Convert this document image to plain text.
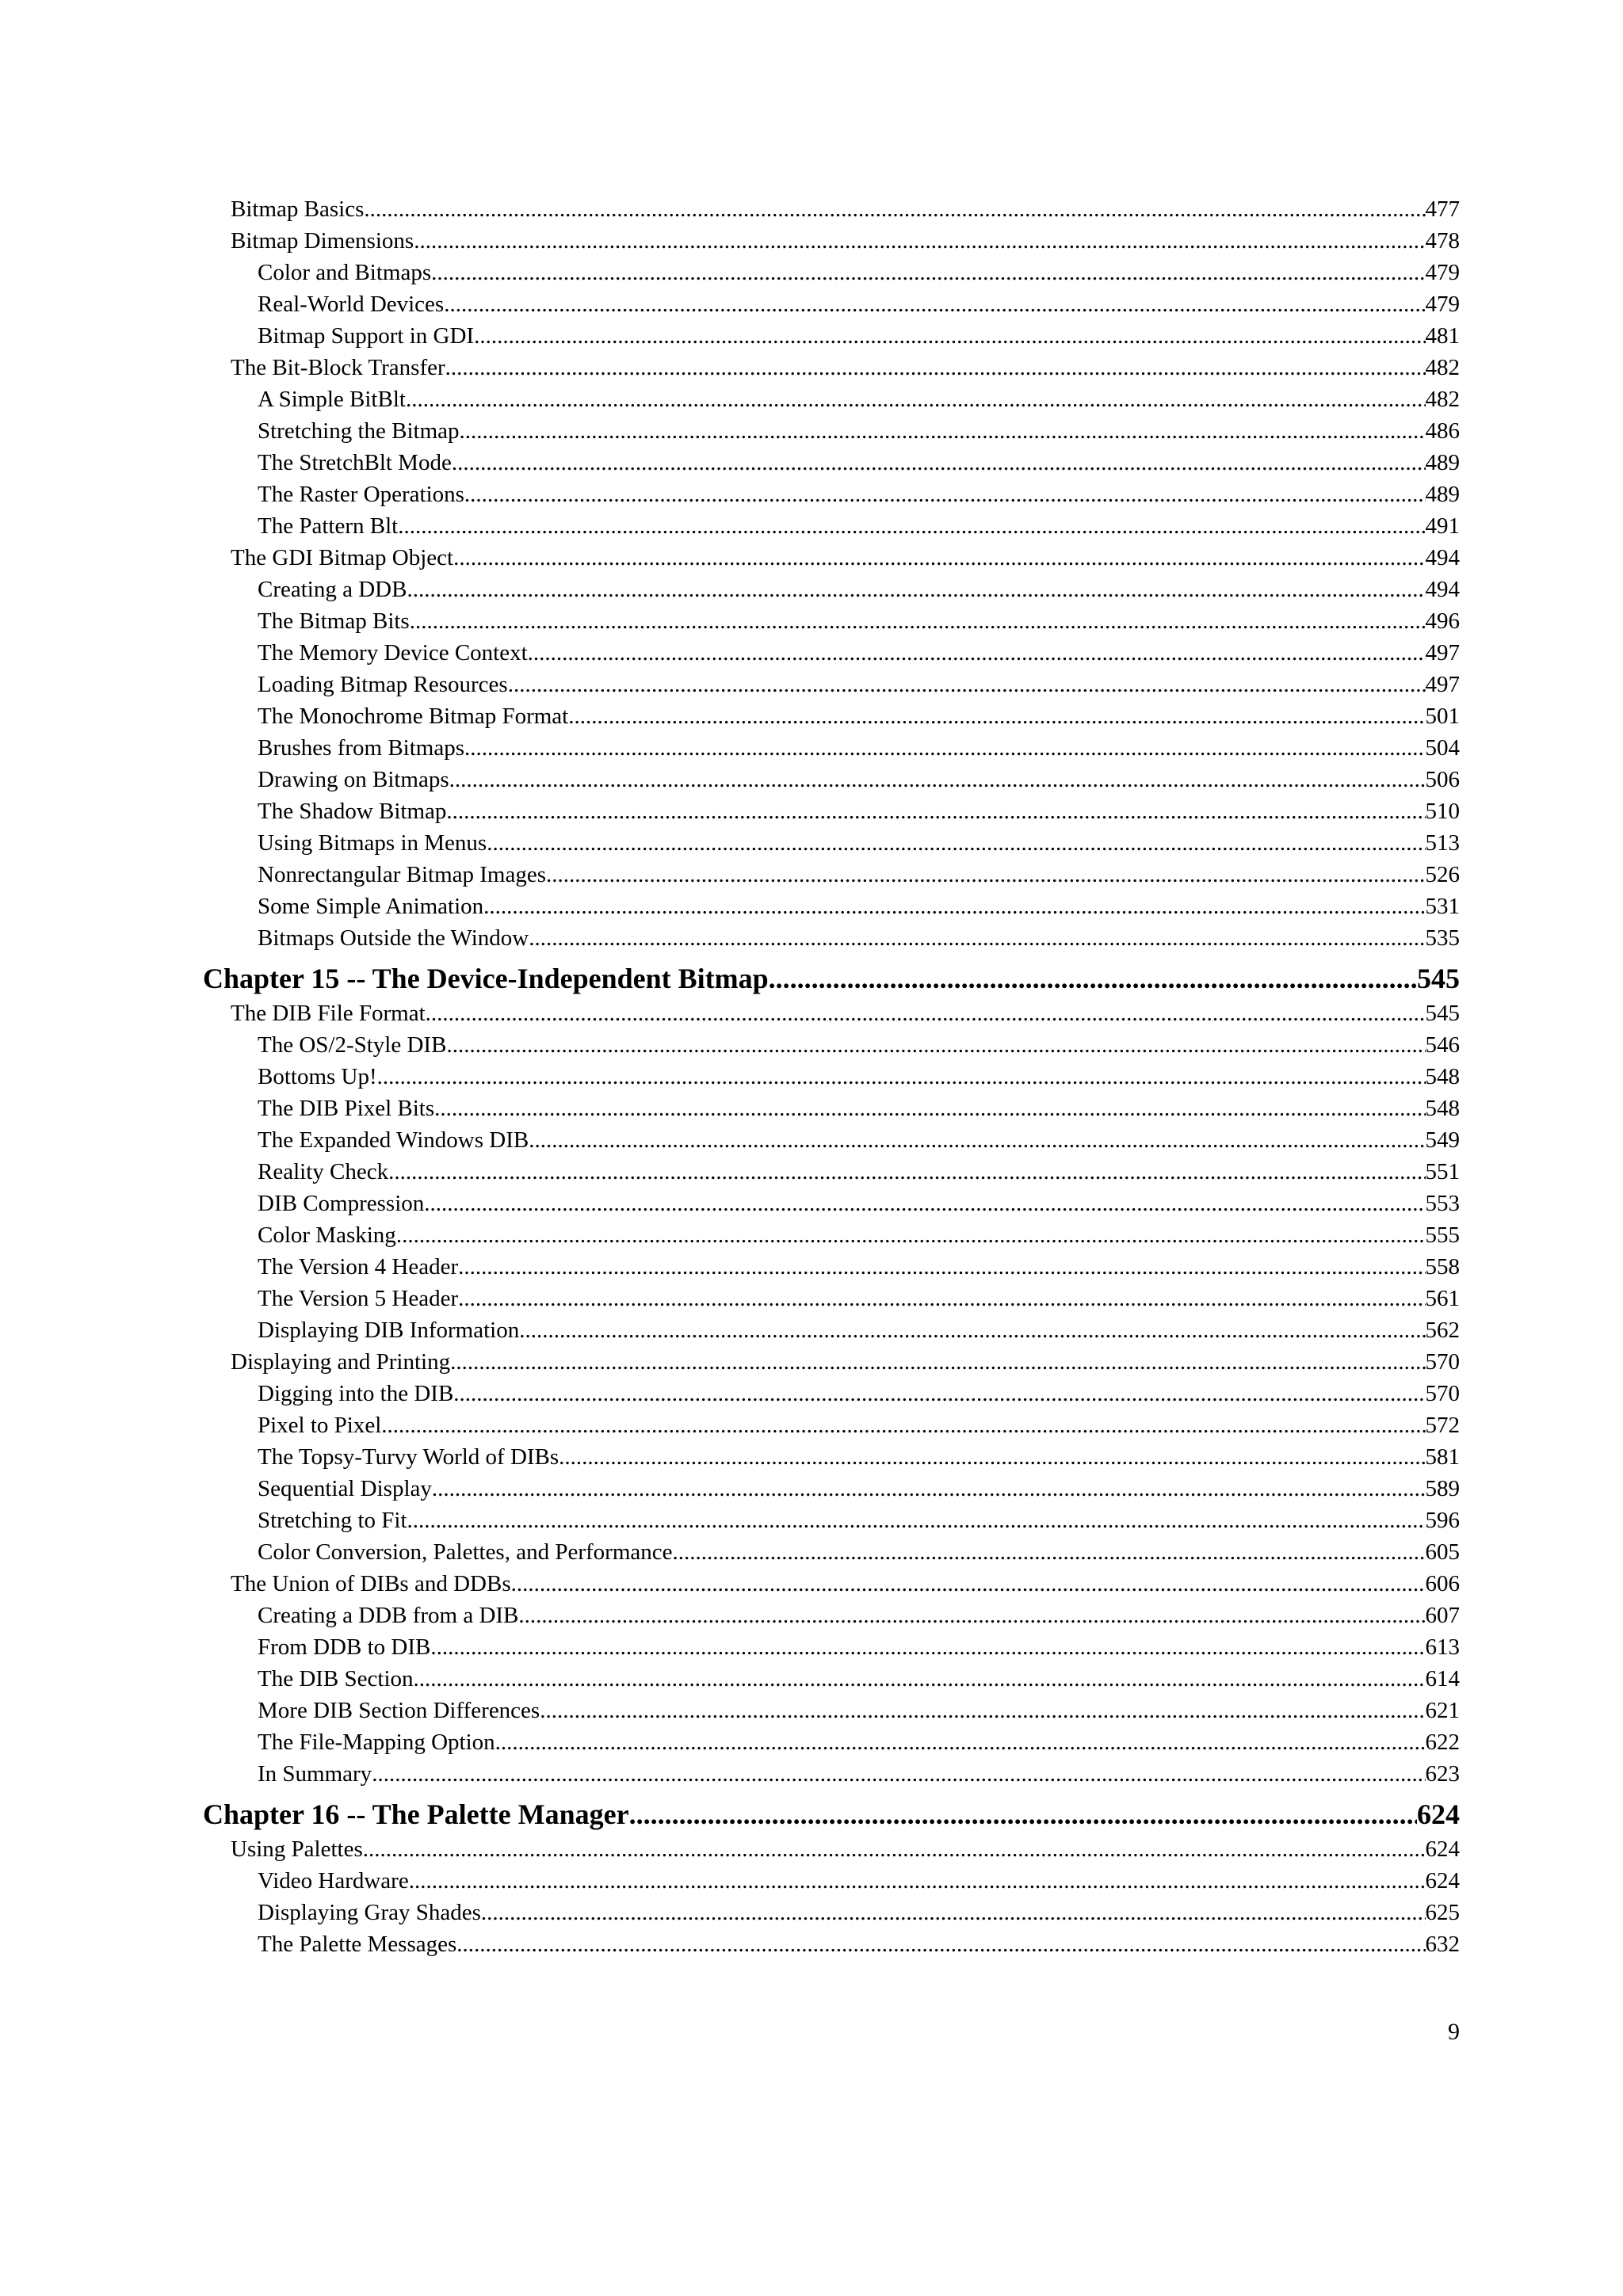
Bitmap Basics .....	477
Bitmap Dimensions .....	478
Color and Bitmaps .....	479
Real-World Devices .....	479
Bitmap Support in GDI .....	481
The Bit-Block Transfer .....	482
A Simple BitBlt .....	482
Stretching the Bitmap .....	486
The StretchBlt Mode .....	489
The Raster Operations .....	489
The Pattern Blt .....	491
The GDI Bitmap Object .....	494
Creating a DDB .....	494
The Bitmap Bits .....	496
The Memory Device Context .....	497
Loading Bitmap Resources .....	497
The Monochrome Bitmap Format .....	501
Brushes from Bitmaps .....	504
Drawing on Bitmaps .....	506
The Shadow Bitmap .....	510
Using Bitmaps in Menus .....	513
Nonrectangular Bitmap Images .....	526
Some Simple Animation .....	531
Bitmaps Outside the Window .....	535
Chapter 15 -- The Device-Independent Bitmap .....	545
The DIB File Format .....	545
The OS/2-Style DIB .....	546
Bottoms Up! .....	548
The DIB Pixel Bits .....	548
The Expanded Windows DIB .....	549
Reality Check .....	551
DIB Compression .....	553
Color Masking .....	555
The Version 4 Header .....	558
The Version 5 Header .....	561
Displaying DIB Information .....	562
Displaying and Printing .....	570
Digging into the DIB .....	570
Pixel to Pixel .....	572
The Topsy-Turvy World of DIBs .....	581
Sequential Display .....	589
Stretching to Fit .....	596
Color Conversion, Palettes, and Performance .....	605
The Union of DIBs and DDBs .....	606
Creating a DDB from a DIB .....	607
From DDB to DIB .....	613
The DIB Section .....	614
More DIB Section Differences .....	621
The File-Mapping Option .....	622
In Summary .....	623
Chapter 16 -- The Palette Manager .....	624
Using Palettes .....	624
Video Hardware .....	624
Displaying Gray Shades .....	625
The Palette Messages .....	632
9
